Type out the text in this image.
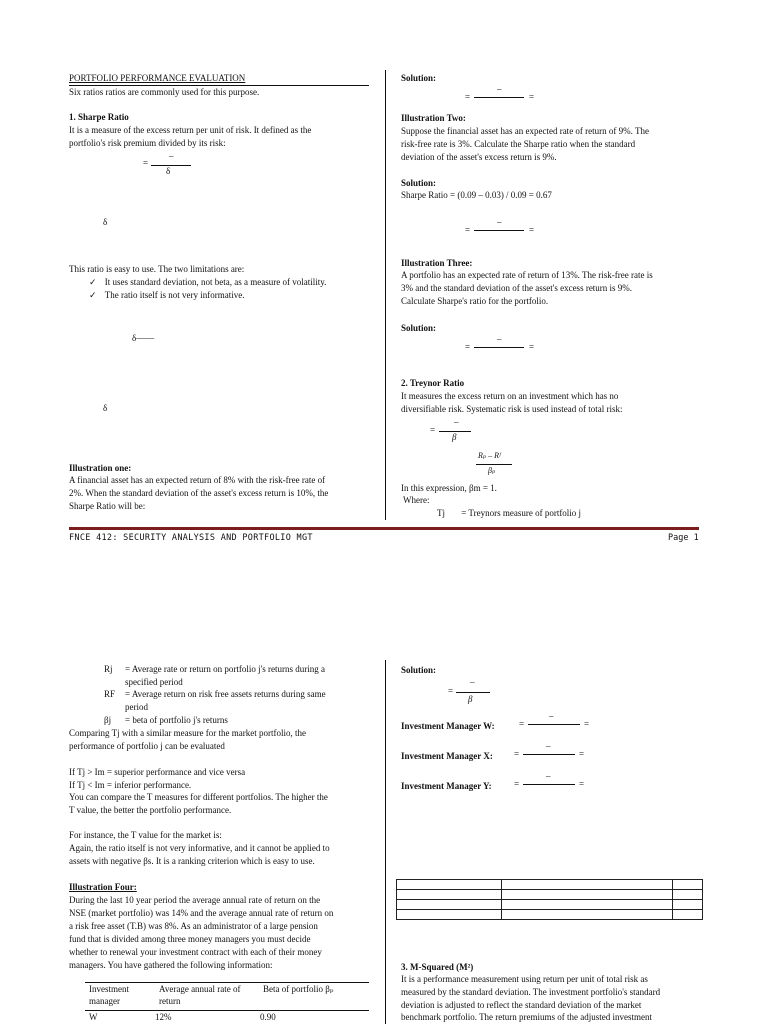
PORTFOLIO PERFORMANCE EVALUATION
Six ratios ratios are commonly used for this purpose.
1. Sharpe Ratio
It is a measure of the excess return per unit of risk. It defined as the
portfolio's risk premium divided by its risk:
=
–
δ
δ
This ratio is easy to use. The two limitations are:
✓ It uses standard deviation, not beta, as a measure of volatility.
✓ The ratio itself is not very informative.
δ——
δ
Illustration one:
A financial asset has an expected return of 8% with the risk-free rate of
2%. When the standard deviation of the asset's excess return is 10%, the
Sharpe Ratio will be:
Solution:
=
–
=
Illustration Two:
Suppose the financial asset has an expected rate of return of 9%. The
risk-free rate is 3%. Calculate the Sharpe ratio when the standard
deviation of the asset's excess return is 9%.
Solution:
Sharpe Ratio = (0.09 – 0.03) / 0.09 = 0.67
=
–
=
Illustration Three:
A portfolio has an expected rate of return of 13%. The risk-free rate is
3% and the standard deviation of the asset's excess return is 9%.
Calculate Sharpe's ratio for the portfolio.
Solution:
=
–
=
2. Treynor Ratio
It measures the excess return on an investment which has no
diversifiable risk. Systematic risk is used instead of total risk:
=
–
β
Rₚ – Rᶠ
βₚ
In this expression, βm = 1.
Where:
Tj = Treynors measure of portfolio j
FNCE 412: SECURITY ANALYSIS AND PORTFOLIO MGT	Page 1
Rj = Average rate or return on portfolio j's returns during a
specified period
RF = Average return on risk free assets returns during same
period
βj = beta of portfolio j's returns
Comparing Tj with a similar measure for the market portfolio, the
performance of portfolio j can be evaluated
If Tj > Im = superior performance and vice versa
If Tj < Im = inferior performance.
You can compare the T measures for different portfolios. The higher the
T value, the better the portfolio performance.
For instance, the T value for the market is:
Again, the ratio itself is not very informative, and it cannot be applied to
assets with negative βs. It is a ranking criterion which is easy to use.
Illustration Four:
During the last 10 year period the average annual rate of return on the
NSE (market portfolio) was 14% and the average annual rate of return on
a risk free asset (T.B) was 8%. As an administrator of a large pension
fund that is divided among three money managers you must decide
whether to renewal your investment contract with each of their money
managers. You have gathered the following information:
Investment manager	Average annual rate of return	Beta of portfolio βₚ
W	12%	0.90
Solution:
=
–
β
Investment Manager W:	=
–
=
Investment Manager X: =
–
=
Investment Manager Y: =
–
=

3. M-Squared (M²)
It is a performance measurement using return per unit of total risk as
measured by the standard deviation. The investment portfolio's standard
deviation is adjusted to reflect the standard deviation of the market
benchmark portfolio. The return premiums of the adjusted investment
